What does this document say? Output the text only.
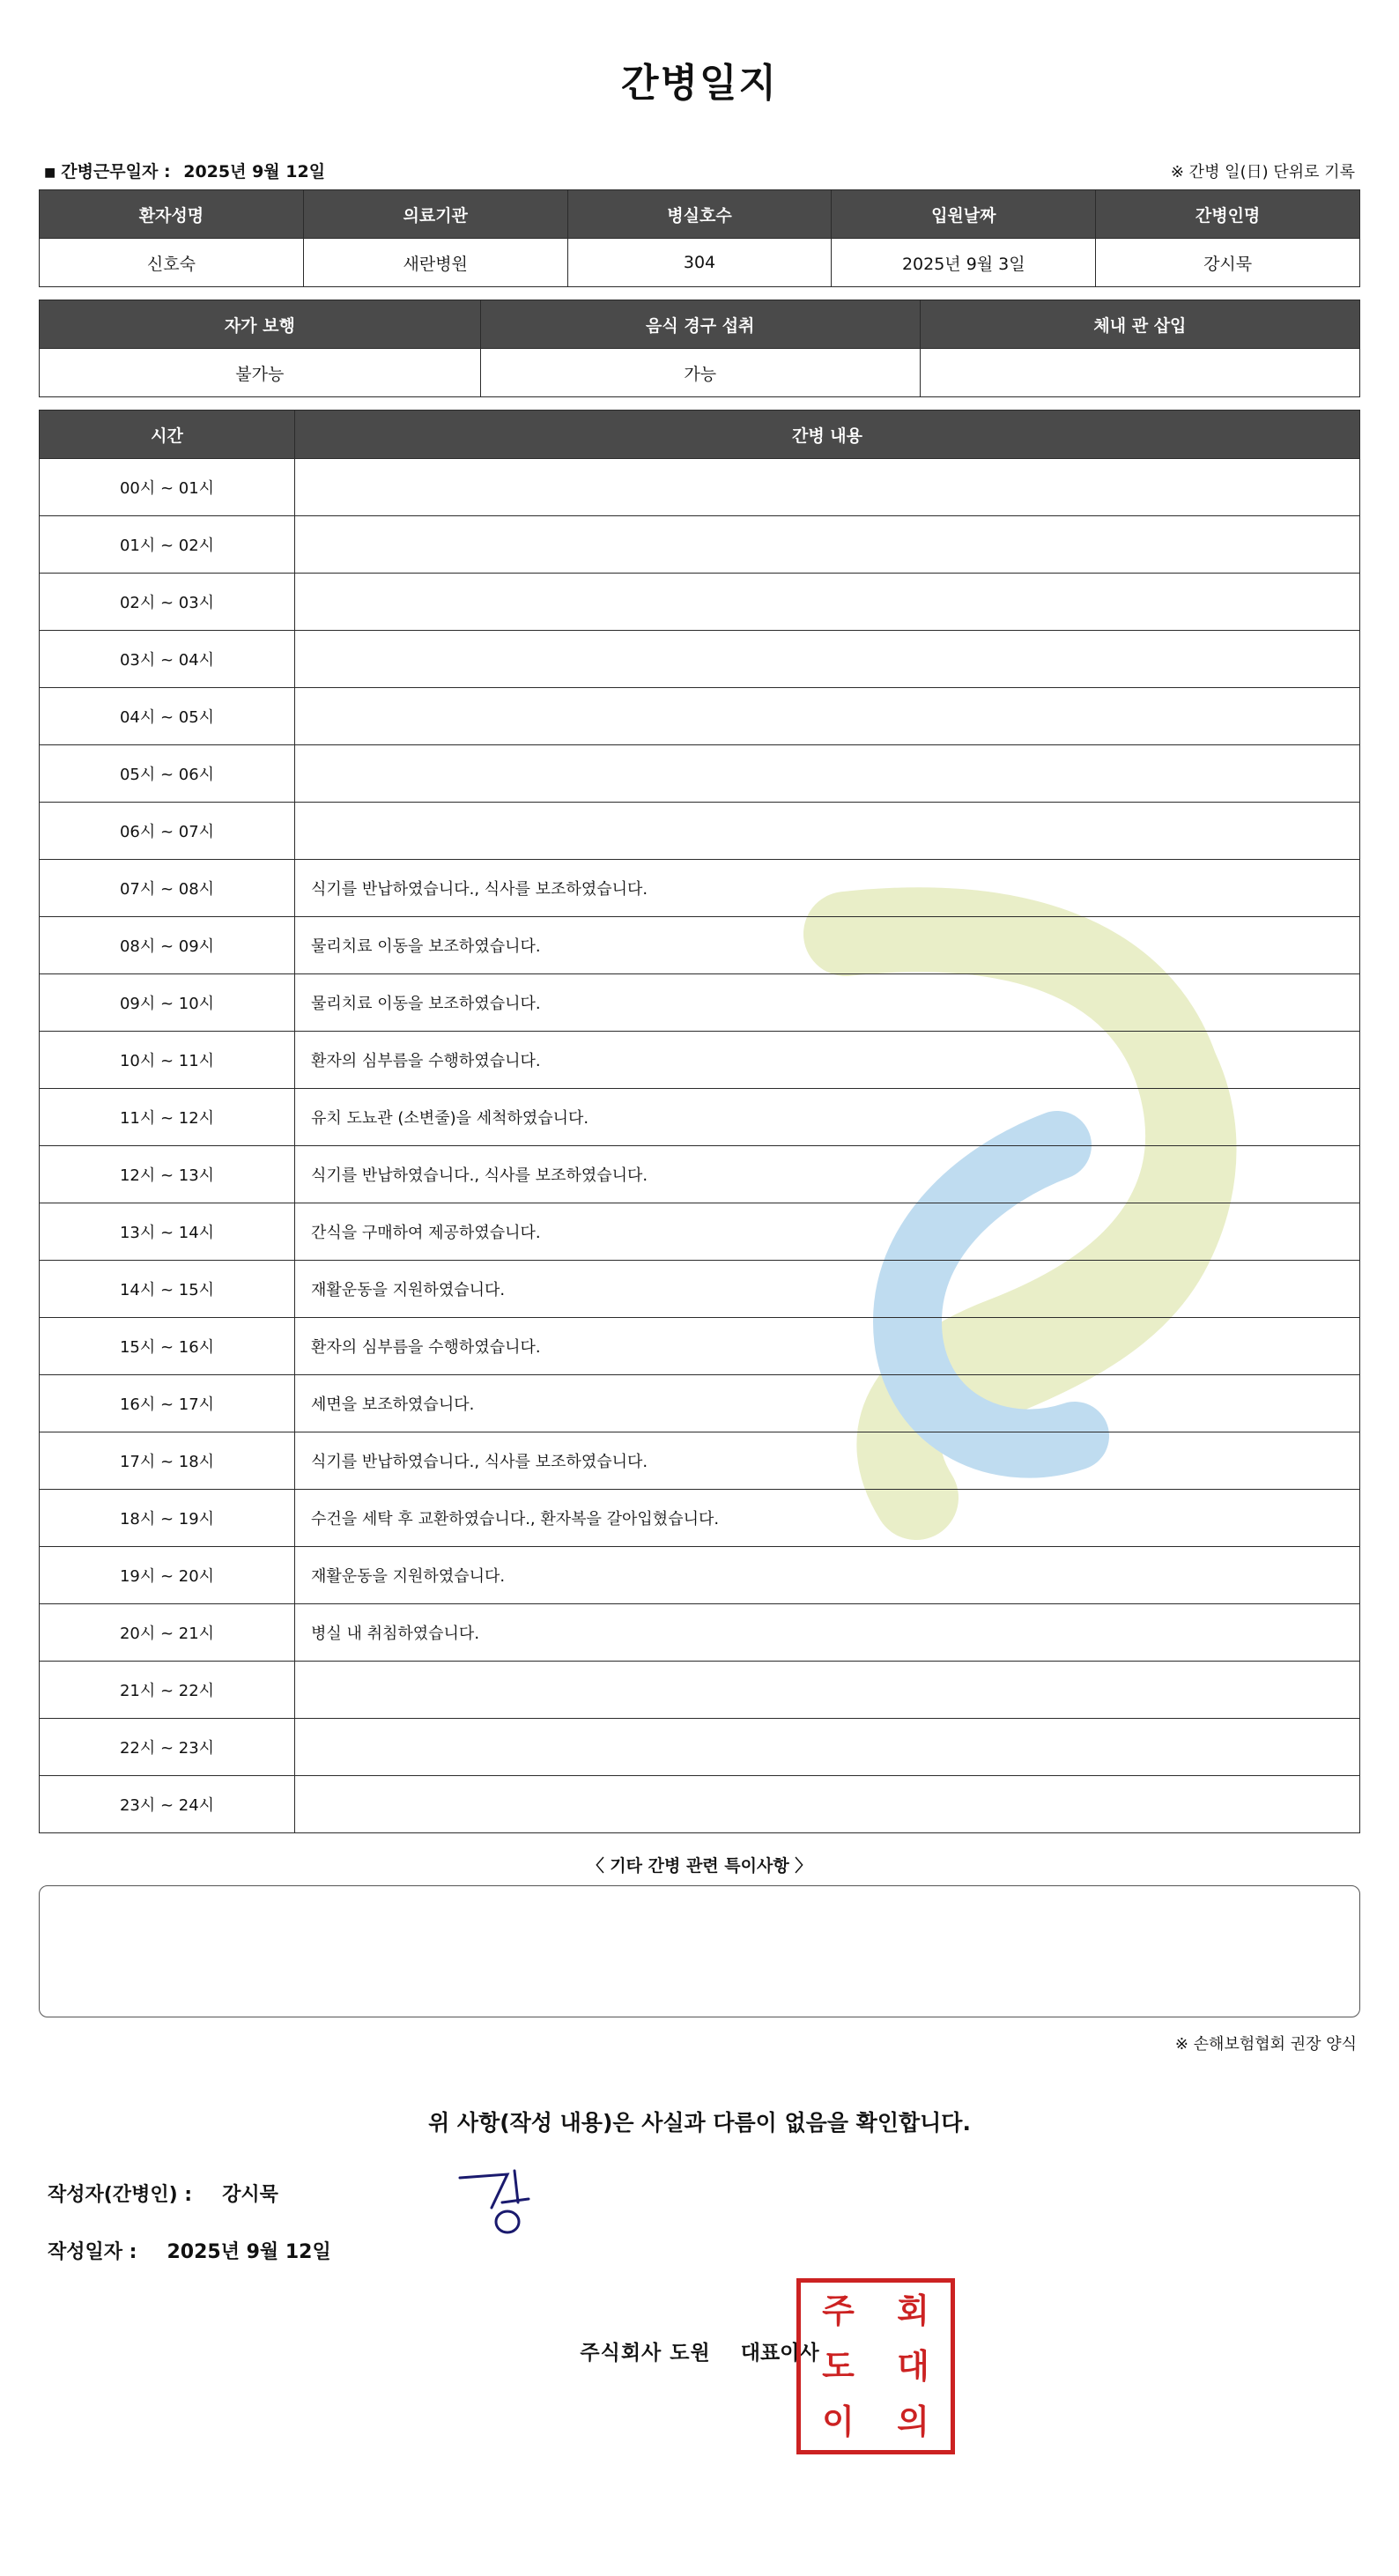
간병일지
■ 간병근무일자 : 2025년 9월 12일	※ 간병 일(日) 단위로 기록
환자성명	의료기관	병실호수	입원날짜	간병인명
신호숙	새란병원	304	2025년 9월 3일	강시묵
자가 보행	음식 경구 섭취	체내 관 삽입
불가능	가능	
시간	간병 내용
00시 ~ 01시	
01시 ~ 02시	
02시 ~ 03시	
03시 ~ 04시	
04시 ~ 05시	
05시 ~ 06시	
06시 ~ 07시	
07시 ~ 08시	식기를 반납하였습니다., 식사를 보조하였습니다.
08시 ~ 09시	물리치료 이동을 보조하였습니다.
09시 ~ 10시	물리치료 이동을 보조하였습니다.
10시 ~ 11시	환자의 심부름을 수행하였습니다.
11시 ~ 12시	유치 도뇨관 (소변줄)을 세척하였습니다.
12시 ~ 13시	식기를 반납하였습니다., 식사를 보조하였습니다.
13시 ~ 14시	간식을 구매하여 제공하였습니다.
14시 ~ 15시	재활운동을 지원하였습니다.
15시 ~ 16시	환자의 심부름을 수행하였습니다.
16시 ~ 17시	세면을 보조하였습니다.
17시 ~ 18시	식기를 반납하였습니다., 식사를 보조하였습니다.
18시 ~ 19시	수건을 세탁 후 교환하였습니다., 환자복을 갈아입혔습니다.
19시 ~ 20시	재활운동을 지원하였습니다.
20시 ~ 21시	병실 내 취침하였습니다.
21시 ~ 22시	
22시 ~ 23시	
23시 ~ 24시	
〈 기타 간병 관련 특이사항 〉
※ 손해보험협회 권장 양식
위 사항(작성 내용)은 사실과 다름이 없음을 확인합니다.
작성자(간병인) : 강시묵
작성일자 : 2025년 9월 12일
주식회사 도원 대표이사
주 회
도 대
이 의
